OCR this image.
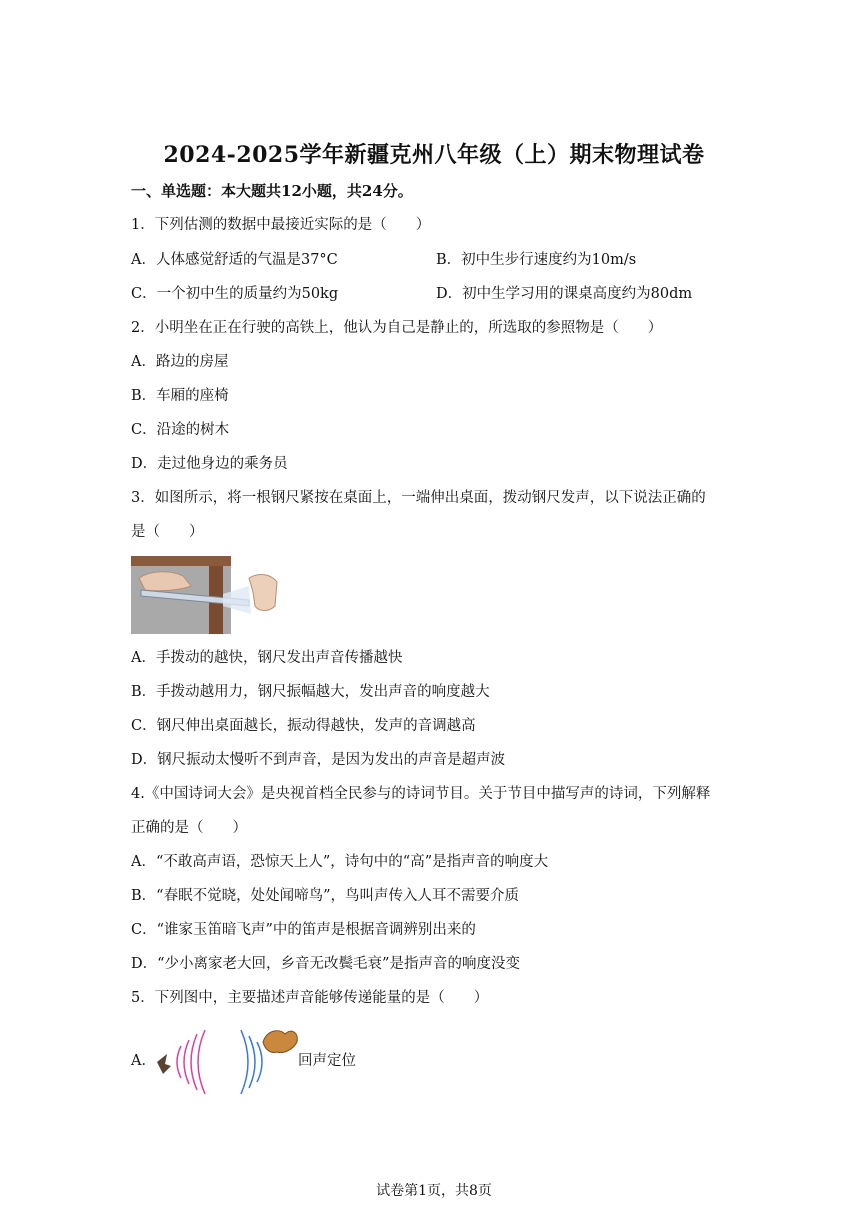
2024-2025学年新疆克州八年级（上）期末物理试卷
一、单选题：本大题共12小题，共24分。
1．下列估测的数据中最接近实际的是（　　）
A．人体感觉舒适的气温是37°C	B．初中生步行速度约为10m/s
C．一个初中生的质量约为50kg	D．初中生学习用的课桌高度约为80dm
2．小明坐在正在行驶的高铁上，他认为自己是静止的，所选取的参照物是（　　）
A．路边的房屋
B．车厢的座椅
C．沿途的树木
D．走过他身边的乘务员
3．如图所示，将一根钢尺紧按在桌面上，一端伸出桌面，拨动钢尺发声，以下说法正确的
是（　　）
A．手拨动的越快，钢尺发出声音传播越快
B．手拨动越用力，钢尺振幅越大，发出声音的响度越大
C．钢尺伸出桌面越长，振动得越快，发声的音调越高
D．钢尺振动太慢听不到声音，是因为发出的声音是超声波
4.《中国诗词大会》是央视首档全民参与的诗词节目。关于节目中描写声的诗词，下列解释
正确的是（　　）
A．“不敢高声语，恐惊天上人”，诗句中的“高”是指声音的响度大
B．“春眠不觉晓，处处闻啼鸟”，鸟叫声传入人耳不需要介质
C．“谁家玉笛暗飞声”中的笛声是根据音调辨别出来的
D．“少小离家老大回，乡音无改鬓毛衰”是指声音的响度没变
5．下列图中，主要描述声音能够传递能量的是（　　）
A．	回声定位
试卷第1页，共8页
